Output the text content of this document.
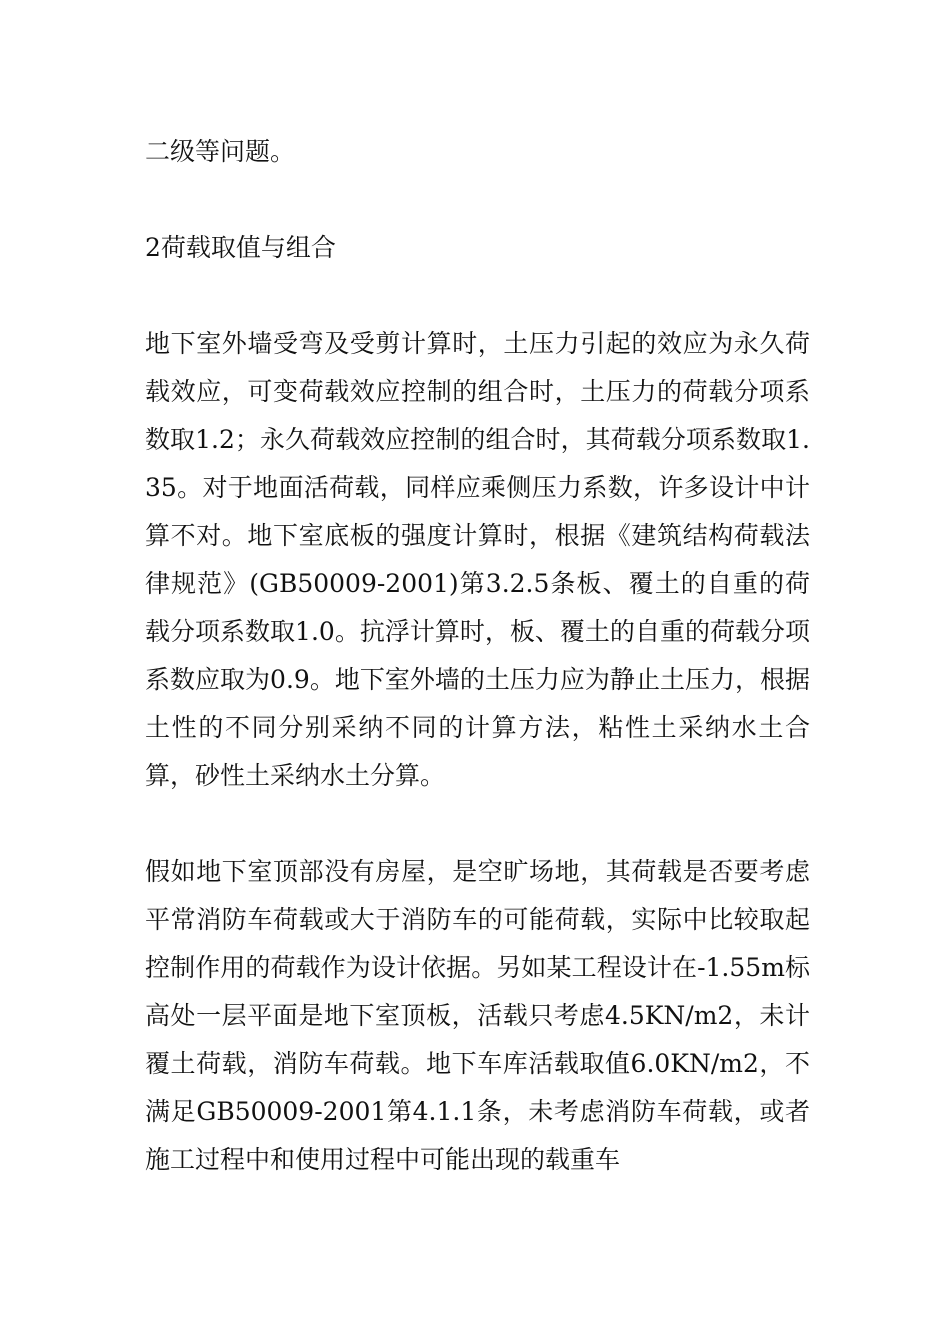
二级等问题。

2荷载取值与组合

地下室外墙受弯及受剪计算时，土压力引起的效应为永久荷载效应，可变荷载效应控制的组合时，土压力的荷载分项系数取1.2；永久荷载效应控制的组合时，其荷载分项系数取1.35。对于地面活荷载，同样应乘侧压力系数，许多设计中计算不对。地下室底板的强度计算时，根据《建筑结构荷载法律规范》(GB50009-2001)第3.2.5条板、覆土的自重的荷载分项系数取1.0。抗浮计算时，板、覆土的自重的荷载分项系数应取为0.9。地下室外墙的土压力应为静止土压力，根据土性的不同分别采纳不同的计算方法，粘性土采纳水土合算，砂性土采纳水土分算。

假如地下室顶部没有房屋，是空旷场地，其荷载是否要考虑平常消防车荷载或大于消防车的可能荷载，实际中比较取起控制作用的荷载作为设计依据。另如某工程设计在-1.55m标高处一层平面是地下室顶板，活载只考虑4.5KN/m2，未计覆土荷载，消防车荷载。地下车库活载取值6.0KN/m2，不满足GB50009-2001第4.1.1条，未考虑消防车荷载，或者施工过程中和使用过程中可能出现的载重车
